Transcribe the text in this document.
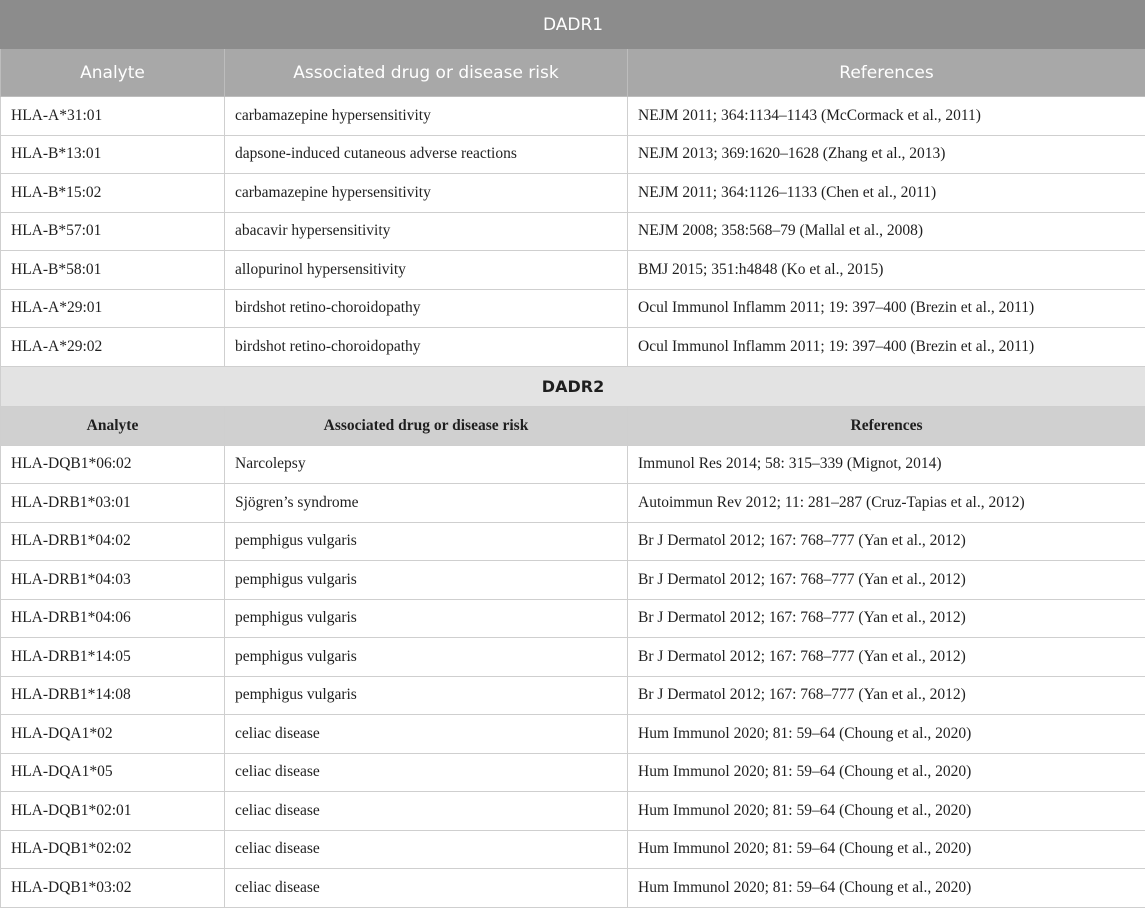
DADR1		
Analyte	Associated drug or disease risk	References
HLA-A*31:01	carbamazepine hypersensitivity	NEJM 2011; 364:1134–1143 (McCormack et al., 2011)
HLA-B*13:01	dapsone-induced cutaneous adverse reactions	NEJM 2013; 369:1620–1628 (Zhang et al., 2013)
HLA-B*15:02	carbamazepine hypersensitivity	NEJM 2011; 364:1126–1133 (Chen et al., 2011)
HLA-B*57:01	abacavir hypersensitivity	NEJM 2008; 358:568–79 (Mallal et al., 2008)
HLA-B*58:01	allopurinol hypersensitivity	BMJ 2015; 351:h4848 (Ko et al., 2015)
HLA-A*29:01	birdshot retino-choroidopathy	Ocul Immunol Inflamm 2011; 19: 397–400 (Brezin et al., 2011)
HLA-A*29:02	birdshot retino-choroidopathy	Ocul Immunol Inflamm 2011; 19: 397–400 (Brezin et al., 2011)
DADR2		
Analyte	Associated drug or disease risk	References
HLA-DQB1*06:02	Narcolepsy	Immunol Res 2014; 58: 315–339 (Mignot, 2014)
HLA-DRB1*03:01	Sjögren’s syndrome	Autoimmun Rev 2012; 11: 281–287 (Cruz-Tapias et al., 2012)
HLA-DRB1*04:02	pemphigus vulgaris	Br J Dermatol 2012; 167: 768–777 (Yan et al., 2012)
HLA-DRB1*04:03	pemphigus vulgaris	Br J Dermatol 2012; 167: 768–777 (Yan et al., 2012)
HLA-DRB1*04:06	pemphigus vulgaris	Br J Dermatol 2012; 167: 768–777 (Yan et al., 2012)
HLA-DRB1*14:05	pemphigus vulgaris	Br J Dermatol 2012; 167: 768–777 (Yan et al., 2012)
HLA-DRB1*14:08	pemphigus vulgaris	Br J Dermatol 2012; 167: 768–777 (Yan et al., 2012)
HLA-DQA1*02	celiac disease	Hum Immunol 2020; 81: 59–64 (Choung et al., 2020)
HLA-DQA1*05	celiac disease	Hum Immunol 2020; 81: 59–64 (Choung et al., 2020)
HLA-DQB1*02:01	celiac disease	Hum Immunol 2020; 81: 59–64 (Choung et al., 2020)
HLA-DQB1*02:02	celiac disease	Hum Immunol 2020; 81: 59–64 (Choung et al., 2020)
HLA-DQB1*03:02	celiac disease	Hum Immunol 2020; 81: 59–64 (Choung et al., 2020)
